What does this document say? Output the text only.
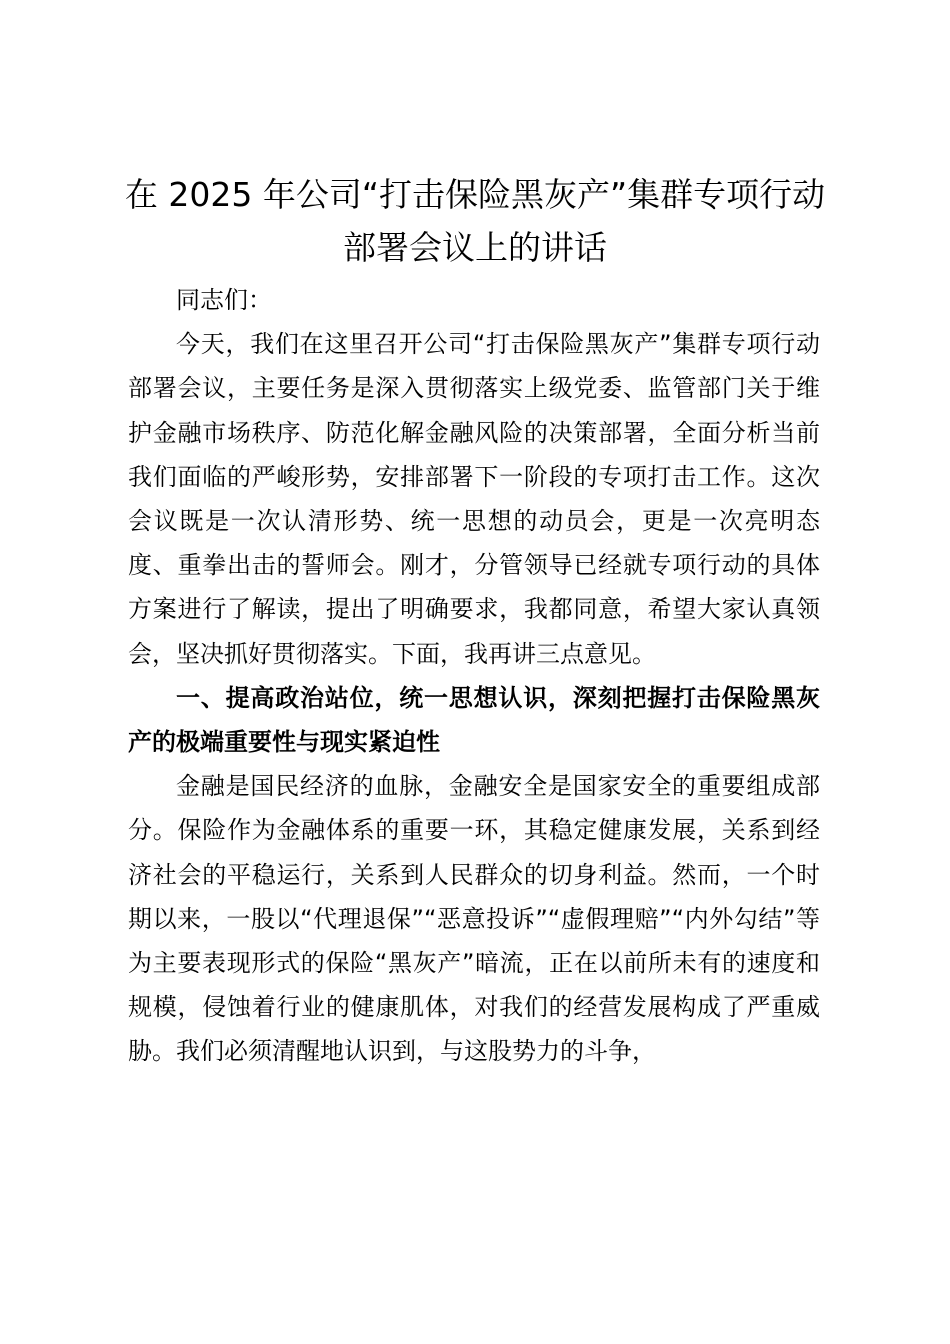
在 2025 年公司“打击保险黑灰产”集群专项行动部署会议上的讲话

同志们：

今天，我们在这里召开公司“打击保险黑灰产”集群专项行动部署会议，主要任务是深入贯彻落实上级党委、监管部门关于维护金融市场秩序、防范化解金融风险的决策部署，全面分析当前我们面临的严峻形势，安排部署下一阶段的专项打击工作。这次会议既是一次认清形势、统一思想的动员会，更是一次亮明态度、重拳出击的誓师会。刚才，分管领导已经就专项行动的具体方案进行了解读，提出了明确要求，我都同意，希望大家认真领会，坚决抓好贯彻落实。下面，我再讲三点意见。

一、提高政治站位，统一思想认识，深刻把握打击保险黑灰产的极端重要性与现实紧迫性

金融是国民经济的血脉，金融安全是国家安全的重要组成部分。保险作为金融体系的重要一环，其稳定健康发展，关系到经济社会的平稳运行，关系到人民群众的切身利益。然而，一个时期以来，一股以“代理退保”“恶意投诉”“虚假理赔”“内外勾结”等为主要表现形式的保险“黑灰产”暗流，正在以前所未有的速度和规模，侵蚀着行业的健康肌体，对我们的经营发展构成了严重威胁。我们必须清醒地认识到，与这股势力的斗争，
